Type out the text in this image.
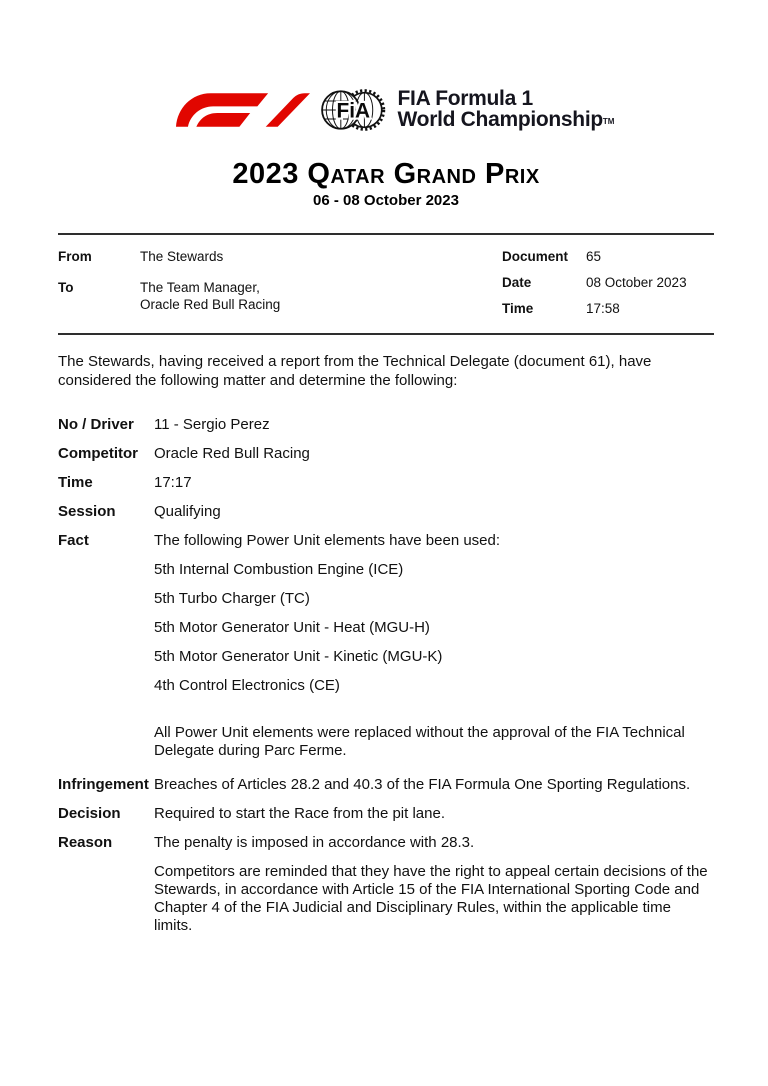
FiA
FIA Formula 1
World ChampionshipTM
2023 Qatar Grand Prix
06 - 08 October 2023
From	The Stewards
To	The Team Manager,
Oracle Red Bull Racing
Document	65
Date	08 October 2023
Time	17:58

The Stewards, having received a report from the Technical Delegate (document 61), have considered the following matter and determine the following:

No / Driver	11 - Sergio Perez
Competitor	Oracle Red Bull Racing
Time	17:17
Session	Qualifying
Fact	The following Power Unit elements have been used:

5th Internal Combustion Engine (ICE)

5th Turbo Charger (TC)

5th Motor Generator Unit - Heat (MGU-H)

5th Motor Generator Unit - Kinetic (MGU-K)

4th Control Electronics (CE)

All Power Unit elements were replaced without the approval of the FIA Technical Delegate during Parc Ferme.

Infringement Breaches of Articles 28.2 and 40.3 of the FIA Formula One Sporting Regulations.
Decision	Required to start the Race from the pit lane.
Reason	The penalty is imposed in accordance with 28.3.

Competitors are reminded that they have the right to appeal certain decisions of the Stewards, in accordance with Article 15 of the FIA International Sporting Code and Chapter 4 of the FIA Judicial and Disciplinary Rules, within the applicable time limits.
